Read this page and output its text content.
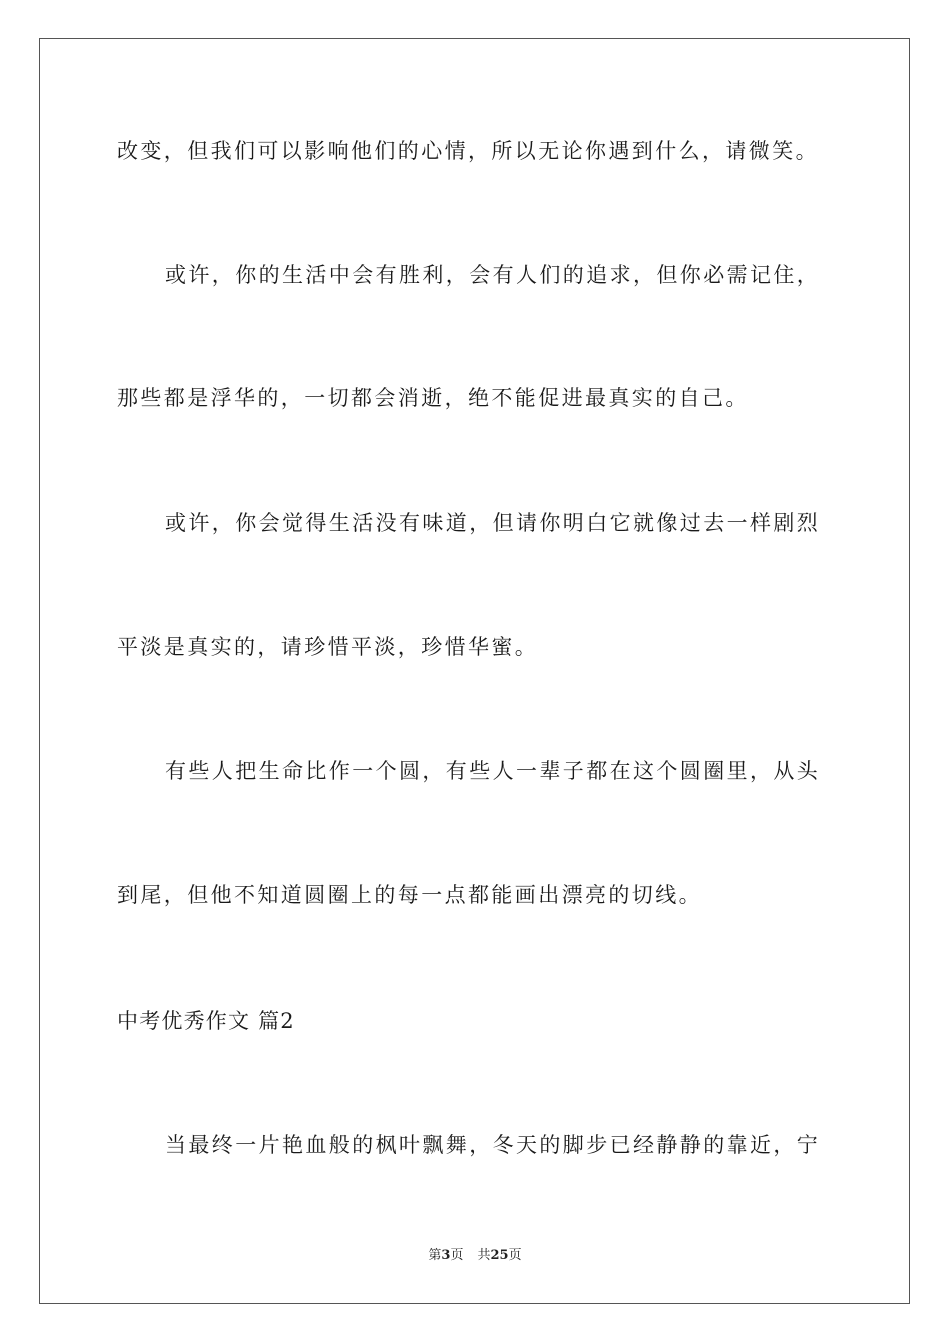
改变，但我们可以影响他们的心情，所以无论你遇到什么，请微笑。
或许，你的生活中会有胜利，会有人们的追求，但你必需记住，
那些都是浮华的，一切都会消逝，绝不能促进最真实的自己。
或许，你会觉得生活没有味道，但请你明白它就像过去一样剧烈
平淡是真实的，请珍惜平淡，珍惜华蜜。
有些人把生命比作一个圆，有些人一辈子都在这个圆圈里，从头
到尾，但他不知道圆圈上的每一点都能画出漂亮的切线。
中考优秀作文 篇2
当最终一片艳血般的枫叶飘舞，冬天的脚步已经静静的靠近，宁
第3页 共25页
